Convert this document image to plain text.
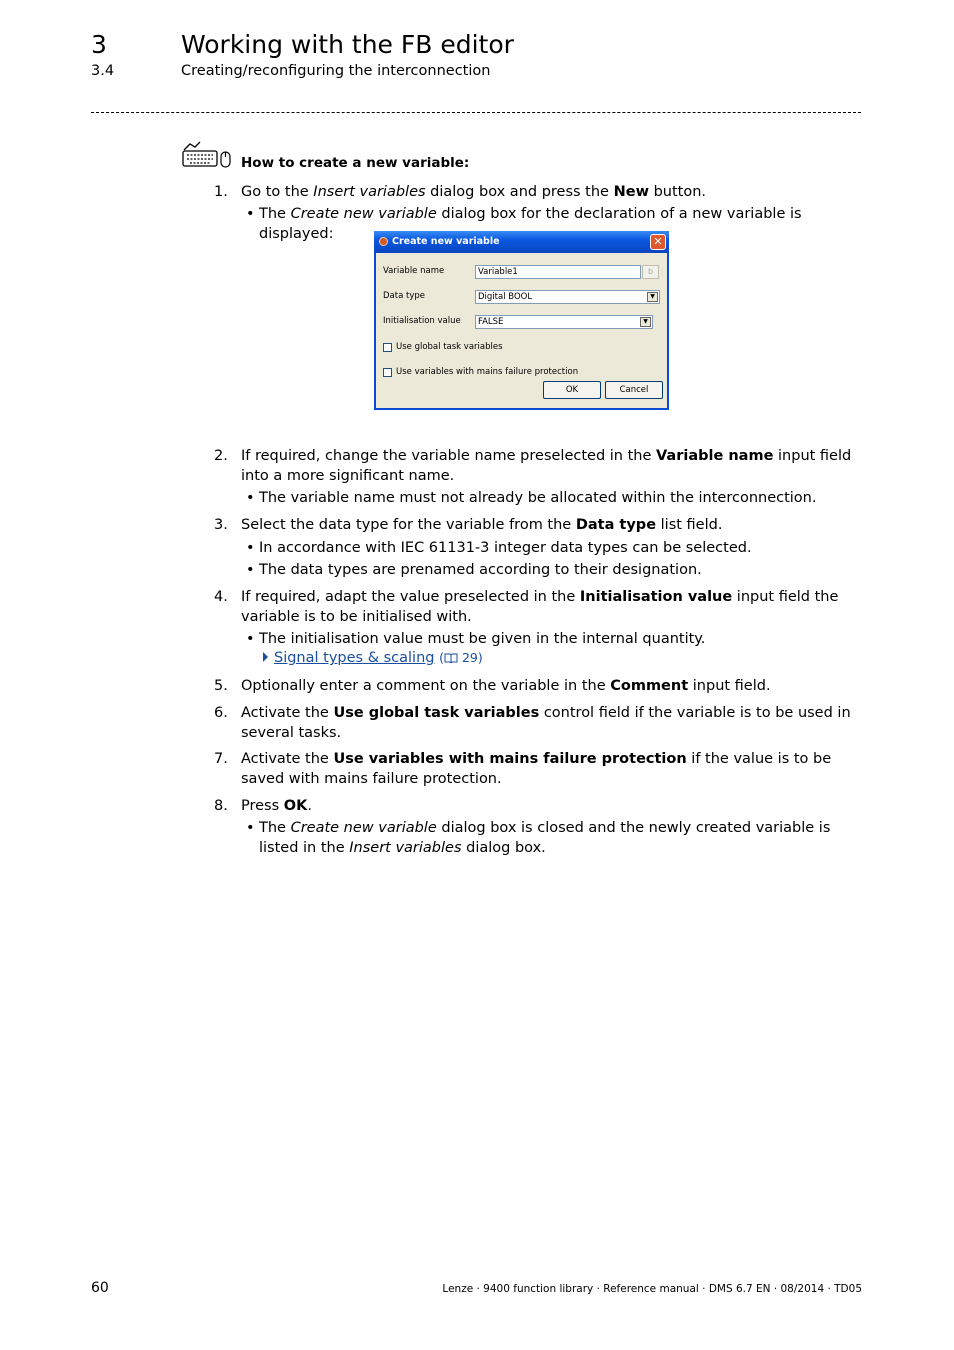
3	Working with the FB editor
3.4	Creating/reconfiguring the interconnection
How to create a new variable:
1. Go to the Insert variables dialog box and press the New button.
• The Create new variable dialog box for the declaration of a new variable is displayed:	Create new variable	✕
Variable name	Variable1	b
Data type	Digital BOOL	▼
Initialisation value	FALSE	▼
Use global task variables
Use variables with mains failure protection
OK	Cancel
2. If required, change the variable name preselected in the Variable name input field into a more significant name.
• The variable name must not already be allocated within the interconnection.
3. Select the data type for the variable from the Data type list field.
• In accordance with IEC 61131-3 integer data types can be selected.
• The data types are prenamed according to their designation.
4. If required, adapt the value preselected in the Initialisation value input field the variable is to be initialised with.
• The initialisation value must be given in the internal quantity.
Signal types & scaling ( 29)
5. Optionally enter a comment on the variable in the Comment input field.
6. Activate the Use global task variables control field if the variable is to be used in several tasks.
7. Activate the Use variables with mains failure protection if the value is to be saved with mains failure protection.
8. Press OK.
• The Create new variable dialog box is closed and the newly created variable is listed in the Insert variables dialog box.
60	Lenze · 9400 function library · Reference manual · DMS 6.7 EN · 08/2014 · TD05
